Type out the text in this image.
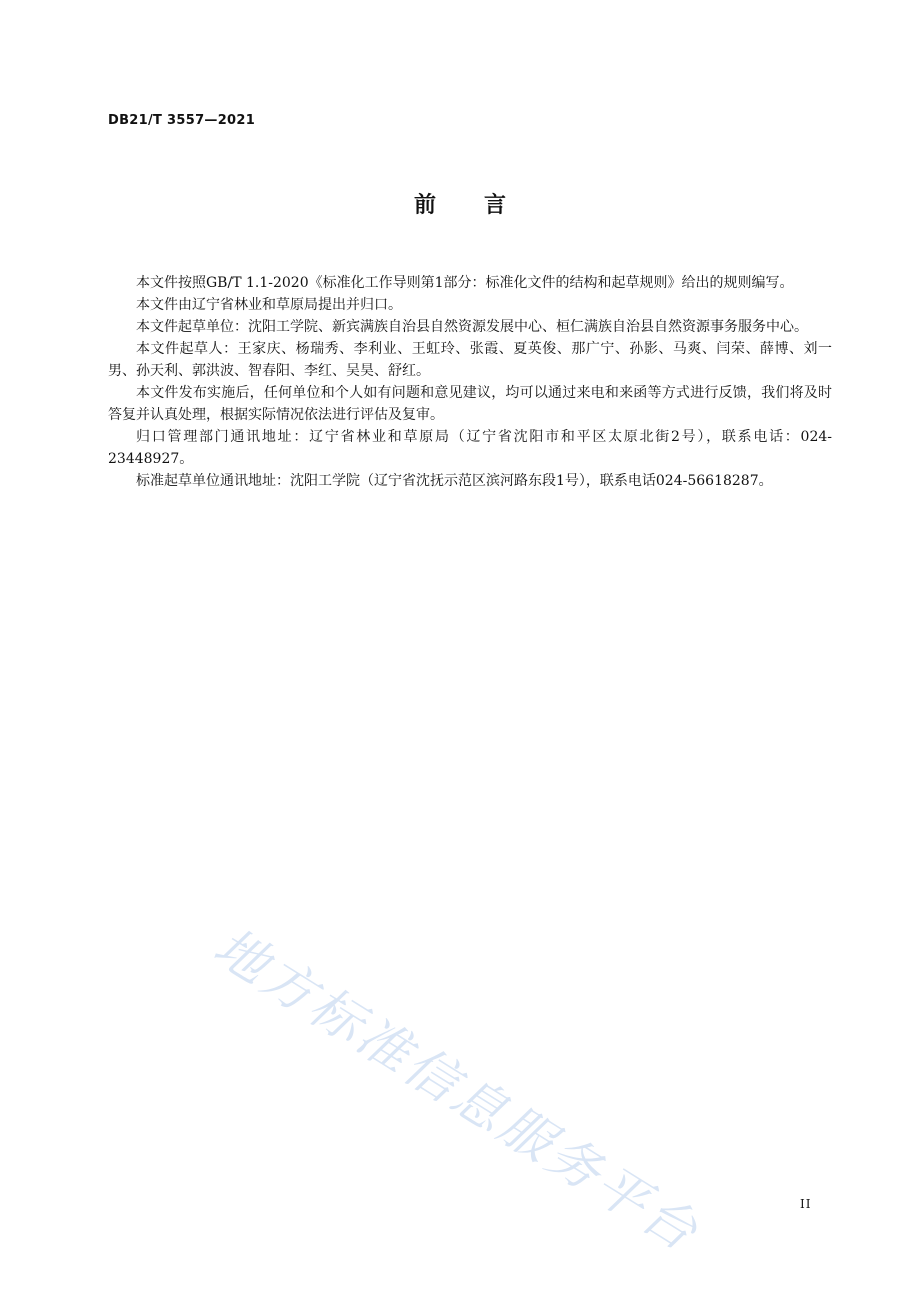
DB21/T 3557—2021
前言

本文件按照GB/T 1.1-2020《标准化工作导则第1部分：标准化文件的结构和起草规则》给出的规则编写。

本文件由辽宁省林业和草原局提出并归口。

本文件起草单位：沈阳工学院、新宾满族自治县自然资源发展中心、桓仁满族自治县自然资源事务服务中心。

本文件起草人：王家庆、杨瑞秀、李利业、王虹玲、张霞、夏英俊、那广宁、孙影、马爽、闫荣、薛博、刘一男、孙天利、郭洪波、智春阳、李红、吴昊、舒红。

本文件发布实施后，任何单位和个人如有问题和意见建议，均可以通过来电和来函等方式进行反馈，我们将及时答复并认真处理，根据实际情况依法进行评估及复审。

归口管理部门通讯地址：辽宁省林业和草原局（辽宁省沈阳市和平区太原北街2号），联系电话：024-23448927。

标准起草单位通讯地址：沈阳工学院（辽宁省沈抚示范区滨河路东段1号），联系电话024-56618287。

地方标准信息服务平台	II
